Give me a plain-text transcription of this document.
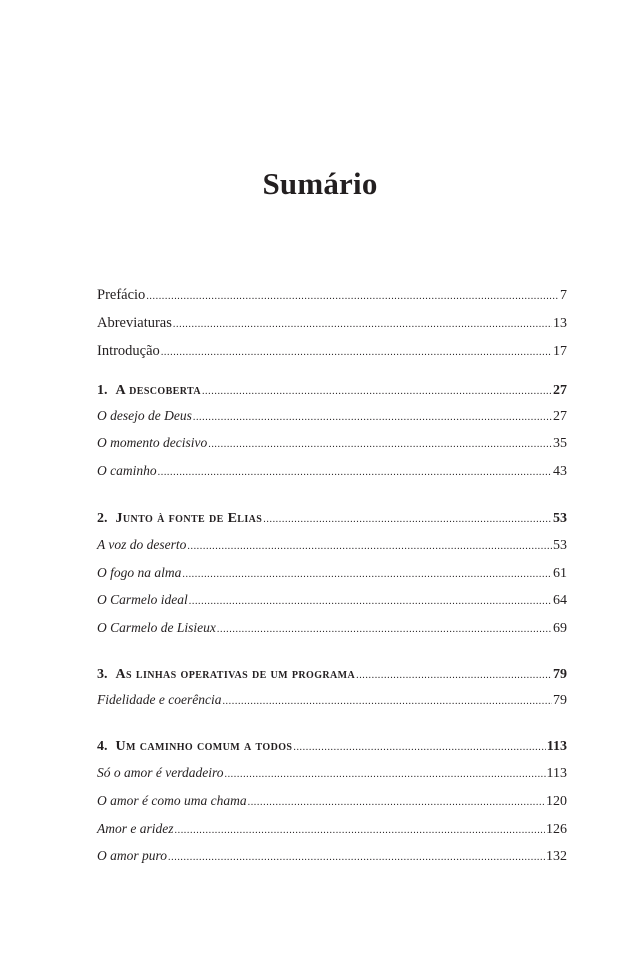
Sumário
Prefácio .....	7
Abreviaturas .....	13
Introdução .....	17
1. A descoberta .....	27
O desejo de Deus .....	27
O momento decisivo .....	35
O caminho .....	43
2. Junto à fonte de Elias .....	53
A voz do deserto .....	53
O fogo na alma .....	61
O Carmelo ideal .....	64
O Carmelo de Lisieux .....	69
3. As linhas operativas de um programa .....	79
Fidelidade e coerência .....	79
4. Um caminho comum a todos .....	113
Só o amor é verdadeiro .....	113
O amor é como uma chama .....	120
Amor e aridez .....	126
O amor puro .....	132
